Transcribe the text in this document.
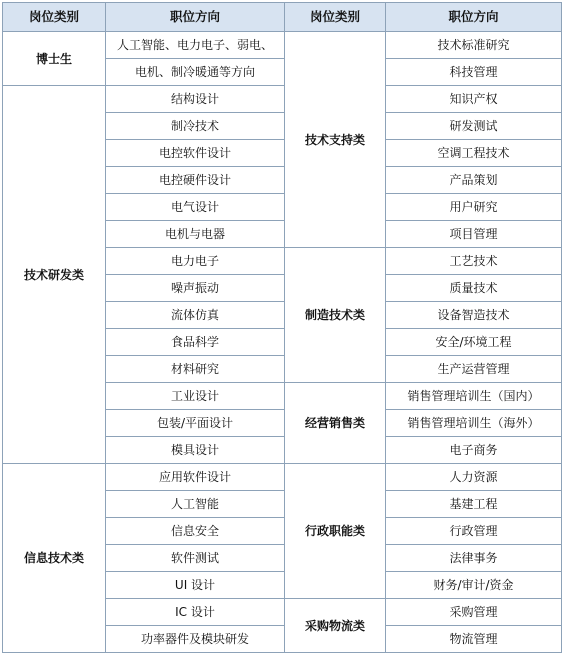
岗位类别	职位方向	岗位类别	职位方向
博士生	人工智能、电力电子、弱电、	技术支持类	技术标准研究
	电机、制冷暖通等方向		科技管理
技术研发类	结构设计		知识产权
	制冷技术		研发测试
	电控软件设计		空调工程技术
	电控硬件设计		产品策划
	电气设计		用户研究
	电机与电器		项目管理
	电力电子	制造技术类	工艺技术
	噪声振动		质量技术
	流体仿真		设备智造技术
	食品科学		安全/环境工程
	材料研究		生产运营管理
	工业设计	经营销售类	销售管理培训生（国内）
	包装/平面设计		销售管理培训生（海外）
	模具设计		电子商务
信息技术类	应用软件设计	行政职能类	人力资源
	人工智能		基建工程
	信息安全		行政管理
	软件测试		法律事务
	UI 设计		财务/审计/资金
	IC 设计	采购物流类	采购管理
	功率器件及模块研发		物流管理
